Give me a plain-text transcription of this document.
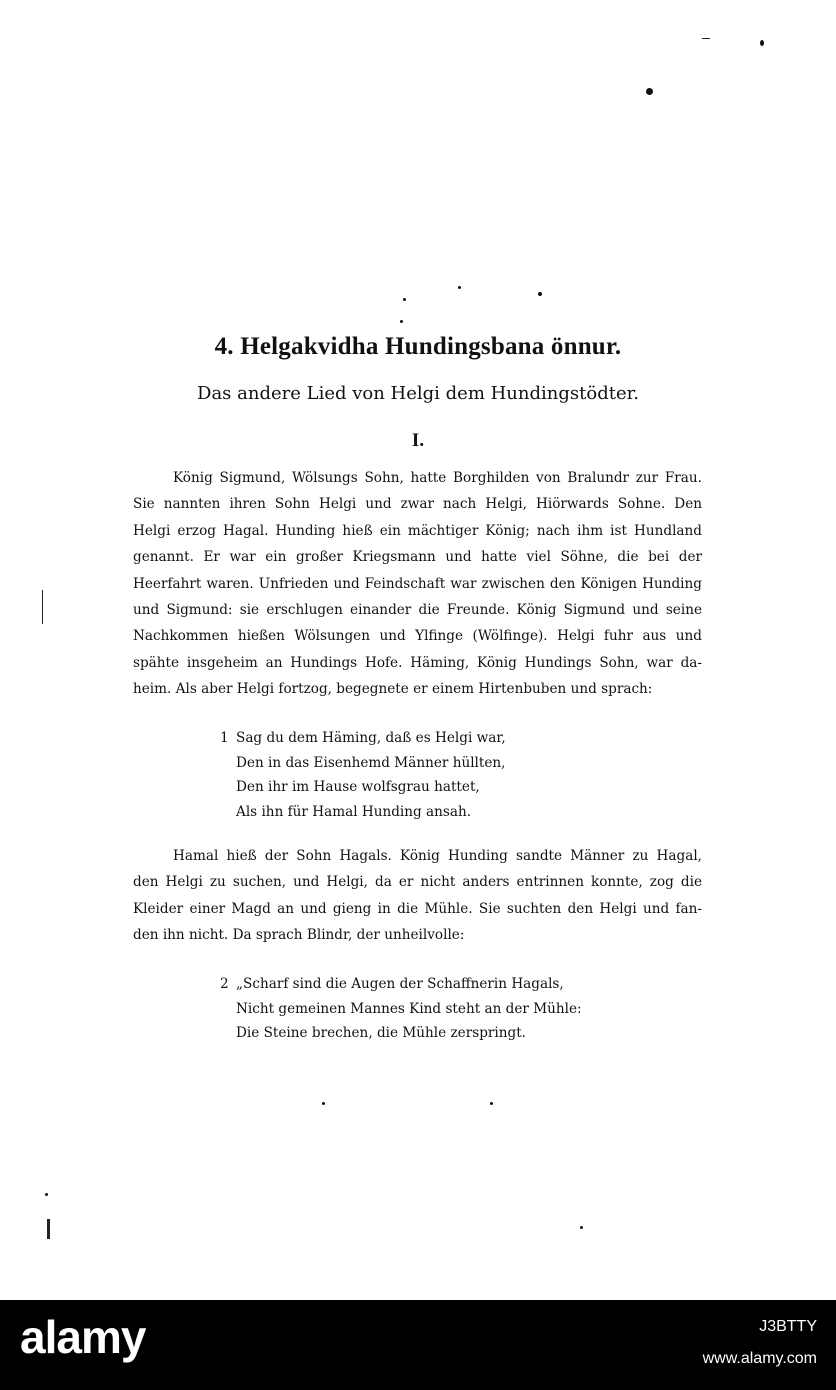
4. Helgakvidha Hundingsbana önnur.
Das andere Lied von Helgi dem Hundingstödter.
I.
König Sigmund, Wölsungs Sohn, hatte Borghilden von Bralundr zur Frau.
Sie nannten ihren Sohn Helgi und zwar nach Helgi, Hiörwards Sohne. Den
Helgi erzog Hagal. Hunding hieß ein mächtiger König; nach ihm ist Hundland
genannt. Er war ein großer Kriegsmann und hatte viel Söhne, die bei der
Heerfahrt waren. Unfrieden und Feindschaft war zwischen den Königen Hunding
und Sigmund: sie erschlugen einander die Freunde. König Sigmund und seine
Nachkommen hießen Wölsungen und Ylfinge (Wölfinge). Helgi fuhr aus und
spähte insgeheim an Hundings Hofe. Häming, König Hundings Sohn, war da-
heim. Als aber Helgi fortzog, begegnete er einem Hirtenbuben und sprach:
1 Sag du dem Häming, daß es Helgi war,
Den in das Eisenhemd Männer hüllten,
Den ihr im Hause wolfsgrau hattet,
Als ihn für Hamal Hunding ansah.
Hamal hieß der Sohn Hagals. König Hunding sandte Männer zu Hagal,
den Helgi zu suchen, und Helgi, da er nicht anders entrinnen konnte, zog die
Kleider einer Magd an und gieng in die Mühle. Sie suchten den Helgi und fan-
den ihn nicht. Da sprach Blindr, der unheilvolle:
2 „Scharf sind die Augen der Schaffnerin Hagals,
Nicht gemeinen Mannes Kind steht an der Mühle:
Die Steine brechen, die Mühle zerspringt.
alamy	J3BTTY
www.alamy.com
